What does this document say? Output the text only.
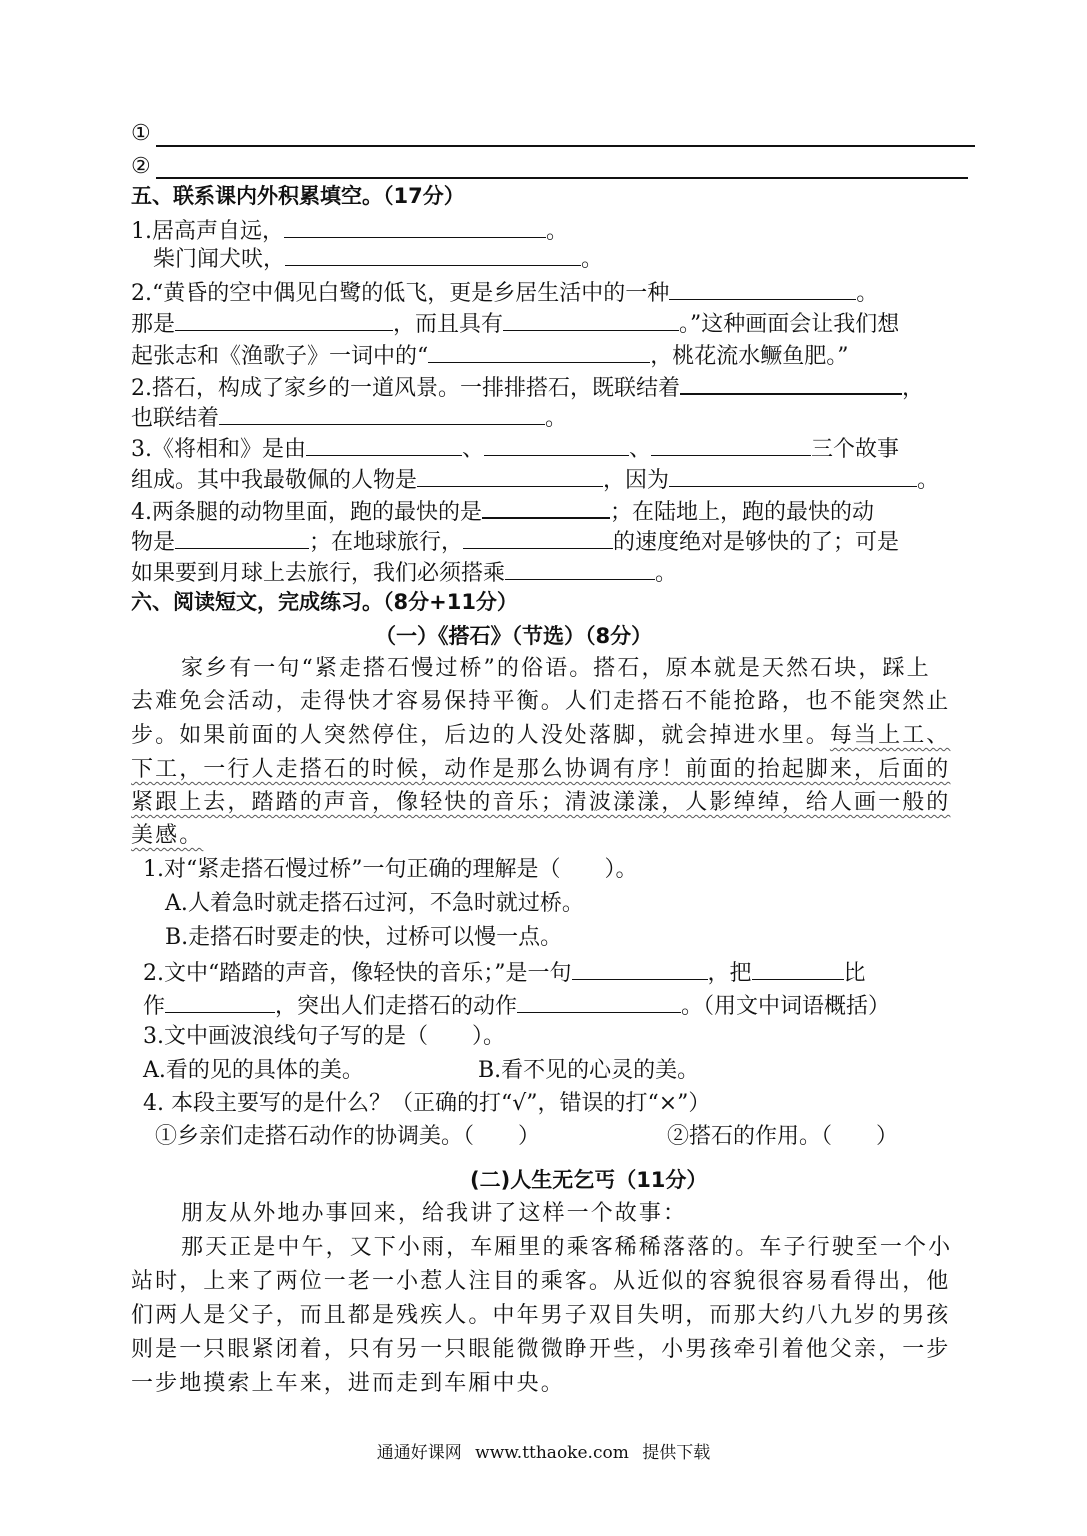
①
②
五、联系课内外积累填空。（17分）
1.居高声自远，	。
柴门闻犬吠，	。
2.“黄昏的空中偶见白鹭的低飞，更是乡居生活中的一种	。
那是	，而且具有	。”这种画面会让我们想
起张志和《渔歌子》一词中的“	，桃花流水鳜鱼肥。”
2.搭石，构成了家乡的一道风景。一排排搭石，既联结着	，
也联结着	。
3.《将相和》是由	、	、	三个故事
组成。其中我最敬佩的人物是	，因为	。
4.两条腿的动物里面，跑的最快的是	；在陆地上，跑的最快的动
物是	；在地球旅行，	的速度绝对是够快的了；可是
如果要到月球上去旅行，我们必须搭乘	。
六、阅读短文，完成练习。（8分+11分）
（一）《搭石》（节选）（8分）
家乡有一句“紧走搭石慢过桥”的俗语。搭石，原本就是天然石块，踩上
去难免会活动，走得快才容易保持平衡。人们走搭石不能抢路，也不能突然止
步。如果前面的人突然停住，后边的人没处落脚，就会掉进水里。每当上工、
下工，一行人走搭石的时候，动作是那么协调有序！前面的抬起脚来，后面的
紧跟上去，踏踏的声音，像轻快的音乐；清波漾漾，人影绰绰，给人画一般的
美感。
1.对“紧走搭石慢过桥”一句正确的理解是（　　）。
A.人着急时就走搭石过河，不急时就过桥。
B.走搭石时要走的快，过桥可以慢一点。
2.文中“踏踏的声音，像轻快的音乐；”是一句	，把	比
作	，突出人们走搭石的动作	。（用文中词语概括）
3.文中画波浪线句子写的是（　　）。
A.看的见的具体的美。	B.看不见的心灵的美。
4. 本段主要写的是什么？（正确的打“√”，错误的打“×”）
①乡亲们走搭石动作的协调美。（　　）	②搭石的作用。（　　）
(二)人生无乞丐（11分）
朋友从外地办事回来，给我讲了这样一个故事：
那天正是中午，又下小雨，车厢里的乘客稀稀落落的。车子行驶至一个小
站时，上来了两位一老一小惹人注目的乘客。从近似的容貌很容易看得出，他
们两人是父子，而且都是残疾人。中年男子双目失明，而那大约八九岁的男孩
则是一只眼紧闭着，只有另一只眼能微微睁开些，小男孩牵引着他父亲，一步
一步地摸索上车来，进而走到车厢中央。
通通好课网 www.tthaoke.com 提供下载
